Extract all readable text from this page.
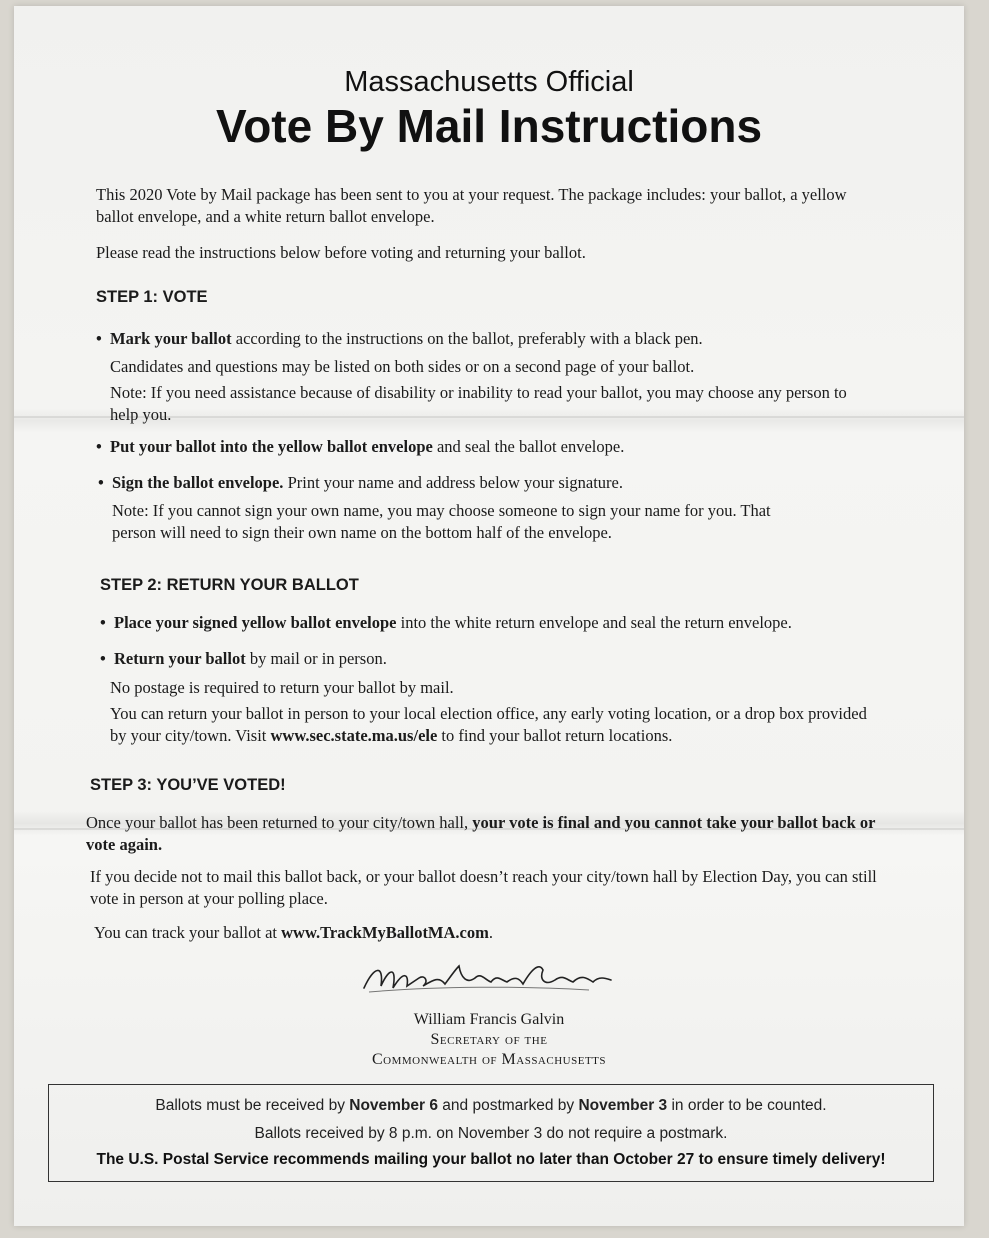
Massachusetts Official
Vote By Mail Instructions
This 2020 Vote by Mail package has been sent to you at your request. The package includes: your ballot, a yellow ballot envelope, and a white return ballot envelope.
Please read the instructions below before voting and returning your ballot.
STEP 1: VOTE
• Mark your ballot according to the instructions on the ballot, preferably with a black pen.
Candidates and questions may be listed on both sides or on a second page of your ballot.
Note: If you need assistance because of disability or inability to read your ballot, you may choose any person to help you.
• Put your ballot into the yellow ballot envelope and seal the ballot envelope.
• Sign the ballot envelope. Print your name and address below your signature.
Note: If you cannot sign your own name, you may choose someone to sign your name for you. That person will need to sign their own name on the bottom half of the envelope.
STEP 2: RETURN YOUR BALLOT
• Place your signed yellow ballot envelope into the white return envelope and seal the return envelope.
• Return your ballot by mail or in person.
No postage is required to return your ballot by mail.
You can return your ballot in person to your local election office, any early voting location, or a drop box provided by your city/town. Visit www.sec.state.ma.us/ele to find your ballot return locations.
STEP 3: YOU’VE VOTED!
Once your ballot has been returned to your city/town hall, your vote is final and you cannot take your ballot back or vote again.
If you decide not to mail this ballot back, or your ballot doesn’t reach your city/town hall by Election Day, you can still vote in person at your polling place.
You can track your ballot at www.TrackMyBallotMA.com.
William Francis Galvin
Secretary of the
Commonwealth of Massachusetts
Ballots must be received by November 6 and postmarked by November 3 in order to be counted.
Ballots received by 8 p.m. on November 3 do not require a postmark.
The U.S. Postal Service recommends mailing your ballot no later than October 27 to ensure timely delivery!
